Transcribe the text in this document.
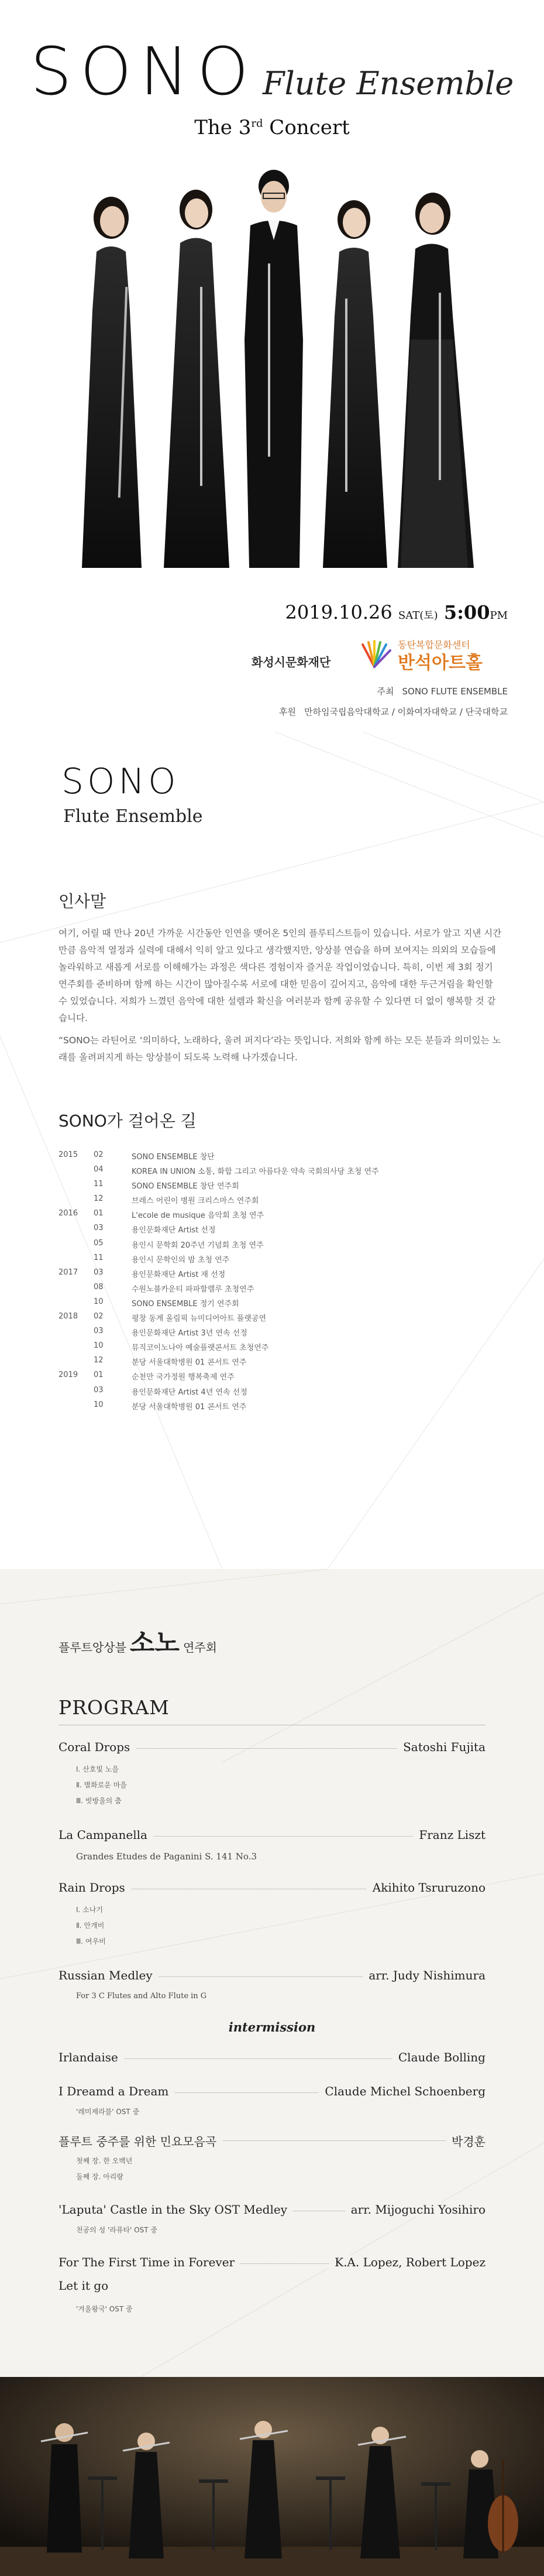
SONO Flute Ensemble
The 3rd Concert
2019.10.26 SAT(토) 5:00PM
화성시문화재단
동탄복합문화센터
반석아트홀
주최 SONO FLUTE ENSEMBLE
후원 만하임국립음악대학교 / 이화여자대학교 / 단국대학교
SONO
Flute Ensemble
인사말

여기, 어릴 때 만나 20년 가까운 시간동안 인연을 맺어온 5인의 플루티스트들이 있습니다. 서로가 알고 지낸 시간만큼 음악적 열정과 실력에 대해서 익히 알고 있다고 생각했지만, 앙상블 연습을 하며 보여지는 의외의 모습들에 놀라워하고 새롭게 서로를 이해해가는 과정은 색다른 경험이자 즐거운 작업이었습니다. 특히, 이번 제 3회 정기 연주회를 준비하며 함께 하는 시간이 많아질수록 서로에 대한 믿음이 깊어지고, 음악에 대한 두근거림을 확인할 수 있었습니다. 저희가 느꼈던 음악에 대한 설렘과 확신을 여러분과 함께 공유할 수 있다면 더 없이 행복할 것 같습니다.

“SONO는 라틴어로 ‘의미하다, 노래하다, 울려 퍼지다’라는 뜻입니다. 저희와 함께 하는 모든 분들과 의미있는 노래를 울려퍼지게 하는 앙상블이 되도록 노력해 나가겠습니다.

SONO가 걸어온 길
2015	02	SONO ENSEMBLE 창단
04	KOREA IN UNION 소통, 화합 그리고 아름다운 약속 국회의사당 초청 연주
11	SONO ENSEMBLE 창단 연주회
12	브레스 어린이 병원 크리스마스 연주회
2016	01	L'ecole de musique 음악회 초청 연주
03	용인문화재단 Artist 선정
05	용인시 문학회 20주년 기념회 초청 연주
11	용인시 문학인의 밤 초청 연주
2017	03	용인문화재단 Artist 재 선정
08	수원노블카운티 파파할렐루 초청연주
10	SONO ENSEMBLE 정기 연주회
2018	02	평창 동계 올림픽 뉴미디어아트 플랫공연
03	용인문화재단 Artist 3년 연속 선정
10	뮤직코이노나아 예술플랫콘서트 초청연주
12	분당 서울대학병원 01 콘서트 연주
2019	01	순천만 국가정원 행복축제 연주
03	용인문화재단 Artist 4년 연속 선정
10	분당 서울대학병원 01 콘서트 연주
플루트앙상블 소노 연주회
PROGRAM
Coral Drops	Satoshi Fujita
Ⅰ. 산호빛 노을
Ⅱ. 별화로운 마을
Ⅲ. 빗방울의 춤
La Campanella	Franz Liszt
Grandes Etudes de Paganini S. 141 No.3
Rain Drops	Akihito Tsruruzono
Ⅰ. 소나기
Ⅱ. 안개비
Ⅲ. 여우비
Russian Medley	arr. Judy Nishimura
For 3 C Flutes and Alto Flute in G
intermission
Irlandaise	Claude Bolling
I Dreamd a Dream	Claude Michel Schoenberg
'레미제라블' OST 중
플루트 중주를 위한 민요모음곡	박경훈
첫째 장. 한 오백년
둘째 장. 아리랑
'Laputa' Castle in the Sky OST Medley	arr. Mijoguchi Yosihiro
천공의 성 '라퓨타' OST 중
For The First Time in Forever	K.A. Lopez, Robert Lopez
Let it go
'겨울왕국' OST 중
